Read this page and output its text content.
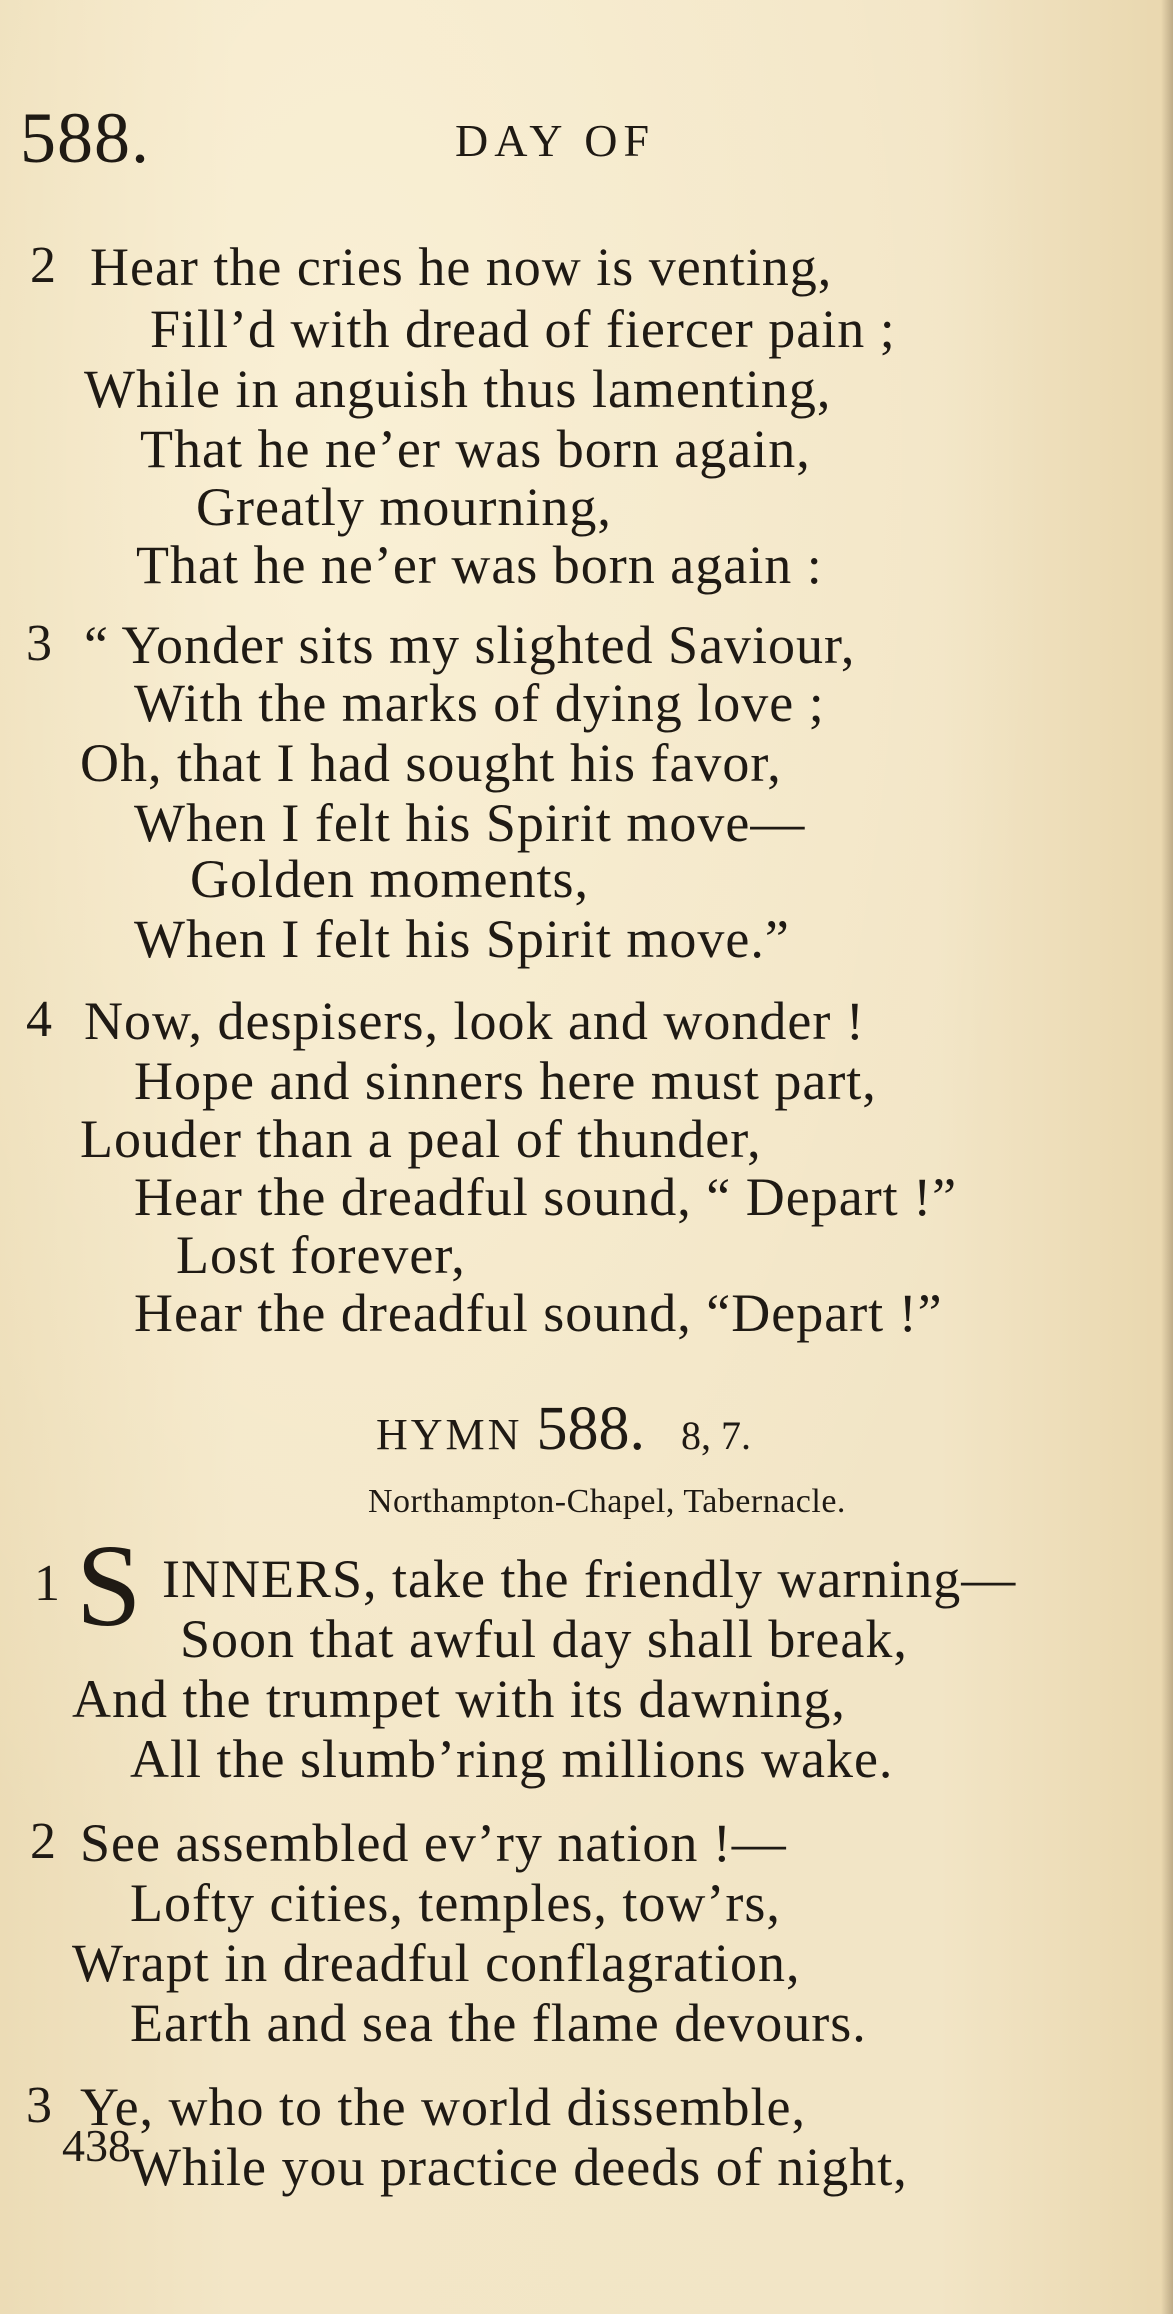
588.	DAY OF
2 Hear the cries he now is venting,
Fill’d with dread of fiercer pain ;
While in anguish thus lamenting,
That he ne’er was born again,
Greatly mourning,
That he ne’er was born again :
3 “ Yonder sits my slighted Saviour,
With the marks of dying love ;
Oh, that I had sought his favor,
When I felt his Spirit move—
Golden moments,
When I felt his Spirit move.”
4 Now, despisers, look and wonder !
Hope and sinners here must part,
Louder than a peal of thunder,
Hear the dreadful sound, “ Depart !”
Lost forever,
Hear the dreadful sound, “Depart !”
HYMN 588. 8, 7.
Northampton-Chapel, Tabernacle.
1 S INNERS, take the friendly warning—
Soon that awful day shall break,
And the trumpet with its dawning,
All the slumb’ring millions wake.
2 See assembled ev’ry nation !—
Lofty cities, temples, tow’rs,
Wrapt in dreadful conflagration,
Earth and sea the flame devours.
3 Ye, who to the world dissemble,
While you practice deeds of night,
438
